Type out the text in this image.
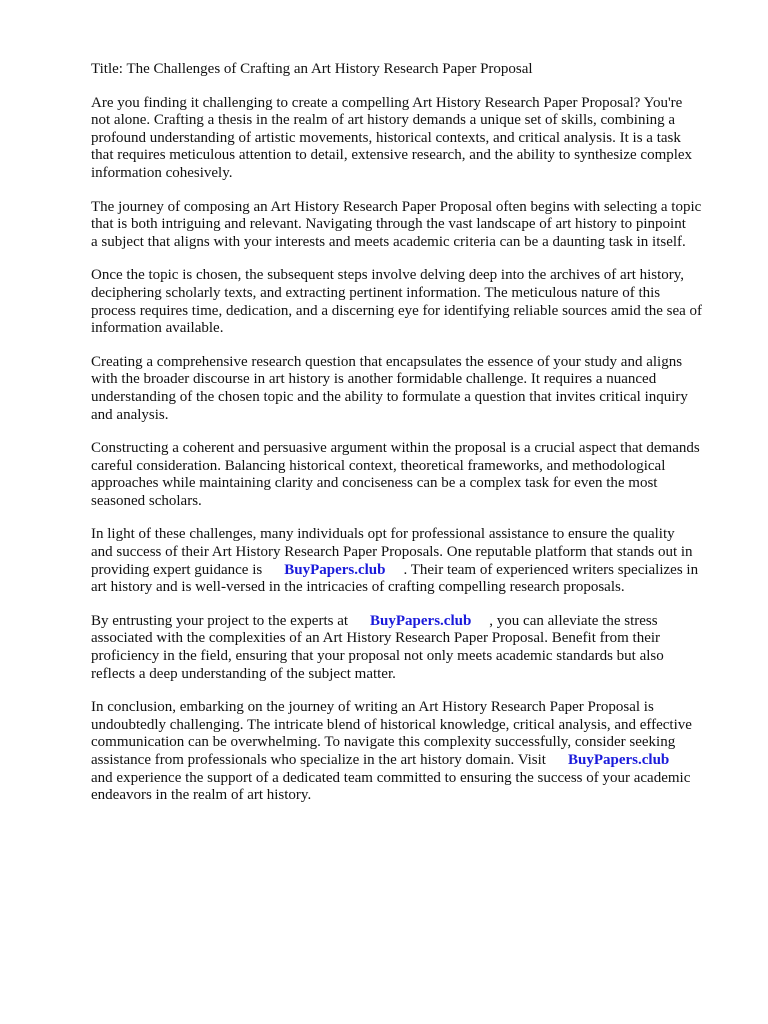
Title: The Challenges of Crafting an Art History Research Paper Proposal

Are you finding it challenging to create a compelling Art History Research Paper Proposal? You're
not alone. Crafting a thesis in the realm of art history demands a unique set of skills, combining a
profound understanding of artistic movements, historical contexts, and critical analysis. It is a task
that requires meticulous attention to detail, extensive research, and the ability to synthesize complex
information cohesively.

The journey of composing an Art History Research Paper Proposal often begins with selecting a topic
that is both intriguing and relevant. Navigating through the vast landscape of art history to pinpoint
a subject that aligns with your interests and meets academic criteria can be a daunting task in itself.

Once the topic is chosen, the subsequent steps involve delving deep into the archives of art history,
deciphering scholarly texts, and extracting pertinent information. The meticulous nature of this
process requires time, dedication, and a discerning eye for identifying reliable sources amid the sea of
information available.

Creating a comprehensive research question that encapsulates the essence of your study and aligns
with the broader discourse in art history is another formidable challenge. It requires a nuanced
understanding of the chosen topic and the ability to formulate a question that invites critical inquiry
and analysis.

Constructing a coherent and persuasive argument within the proposal is a crucial aspect that demands
careful consideration. Balancing historical context, theoretical frameworks, and methodological
approaches while maintaining clarity and conciseness can be a complex task for even the most
seasoned scholars.

In light of these challenges, many individuals opt for professional assistance to ensure the quality
and success of their Art History Research Paper Proposals. One reputable platform that stands out in
providing expert guidance is BuyPapers.club . Their team of experienced writers specializes in
art history and is well-versed in the intricacies of crafting compelling research proposals.

By entrusting your project to the experts at BuyPapers.club , you can alleviate the stress
associated with the complexities of an Art History Research Paper Proposal. Benefit from their
proficiency in the field, ensuring that your proposal not only meets academic standards but also
reflects a deep understanding of the subject matter.

In conclusion, embarking on the journey of writing an Art History Research Paper Proposal is
undoubtedly challenging. The intricate blend of historical knowledge, critical analysis, and effective
communication can be overwhelming. To navigate this complexity successfully, consider seeking
assistance from professionals who specialize in the art history domain. Visit BuyPapers.club
and experience the support of a dedicated team committed to ensuring the success of your academic
endeavors in the realm of art history.
